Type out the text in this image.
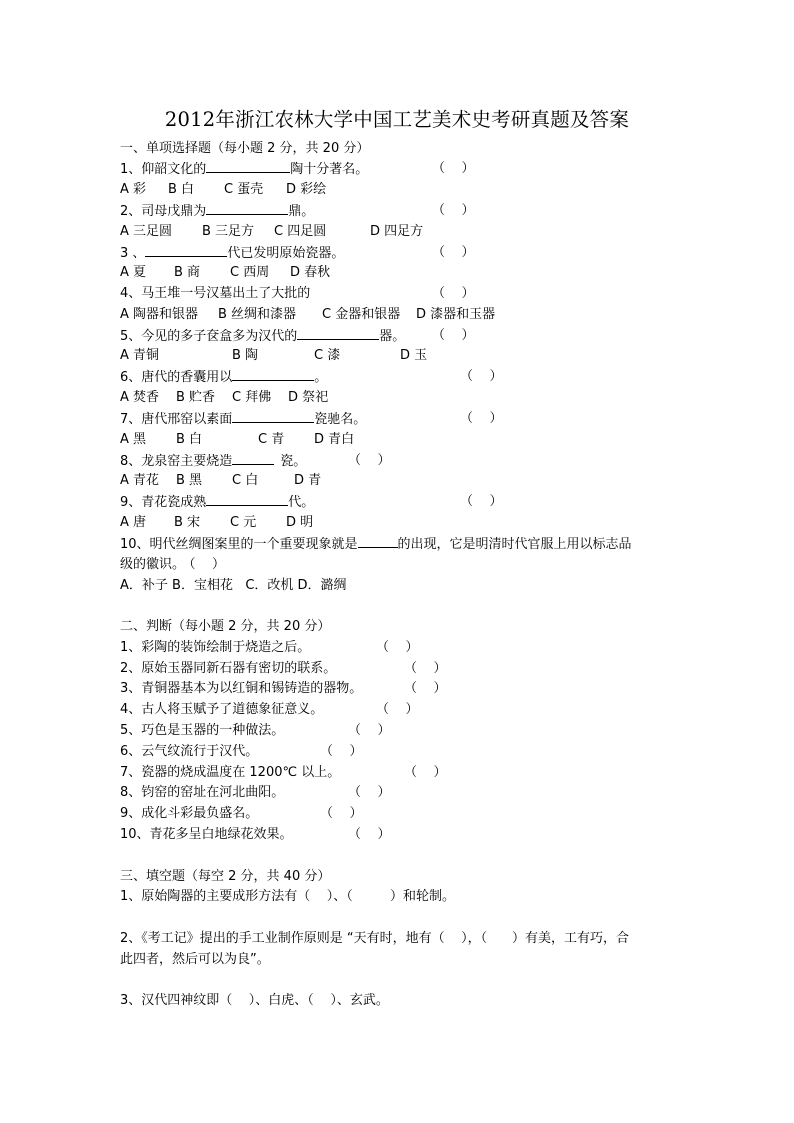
2012年浙江农林大学中国工艺美术史考研真题及答案
一、单项选择题（每小题 2 分，共 20 分）
1、仰韶文化的	陶十分著名。	（    ）
A 彩 B 白 C 蛋壳 D 彩绘
2、司母戊鼎为	鼎。	（    ）
A 三足圆 B 三足方 C 四足圆	D 四足方
3 、	代已发明原始瓷器。	（    ）
A 夏 B 商 C 西周 D 春秋
4、马王堆一号汉墓出土了大批的	（    ）
A 陶器和银器 B 丝绸和漆器 C 金器和银器 D 漆器和玉器
5、今见的多子奁盒多为汉代的	器。 （    ）
A 青铜	B 陶	C 漆	D 玉
6、唐代的香囊用以	。	（    ）
A 焚香 B 贮香 C 拜佛 D 祭祀
7、唐代邢窑以素面	瓷驰名。	（    ）
A 黑 B 白	C 青 D 青白
8、龙泉窑主要烧造	瓷。	（    ）
A 青花 B 黑 C 白	D 青
9、青花瓷成熟	代。	（    ）
A 唐 B 宋 C 元 D 明
10、明代丝绸图案里的一个重要现象就是	的出现，它是明清时代官服上用以标志品
级的徽识。 （    ）
A．补子 B．宝相花   C．改机 D．潞绸
二、判断（每小题 2 分，共 20 分）
1、彩陶的装饰绘制于烧造之后。	（    ）
2、原始玉器同新石器有密切的联系。	（    ）
3、青铜器基本为以红铜和锡铸造的器物。	（    ）
4、古人将玉赋予了道德象征意义。	（    ）
5、巧色是玉器的一种做法。	（    ）
6、云气纹流行于汉代。	（    ）
7、瓷器的烧成温度在 1200℃ 以上。	（    ）
8、钧窑的窑址在河北曲阳。	（    ）
9、成化斗彩最负盛名。	（    ）
10、青花多呈白地绿花效果。	（    ）
三、填空题（每空 2 分，共 40 分）
1、原始陶器的主要成形方法有（    ）、（         ）和轮制。
2、《考工记》提出的手工业制作原则是 “天有时，地有（    ），（      ）有美，工有巧，合
此四者，然后可以为良”。
3、汉代四神纹即（    ）、白虎、（    ）、玄武。
